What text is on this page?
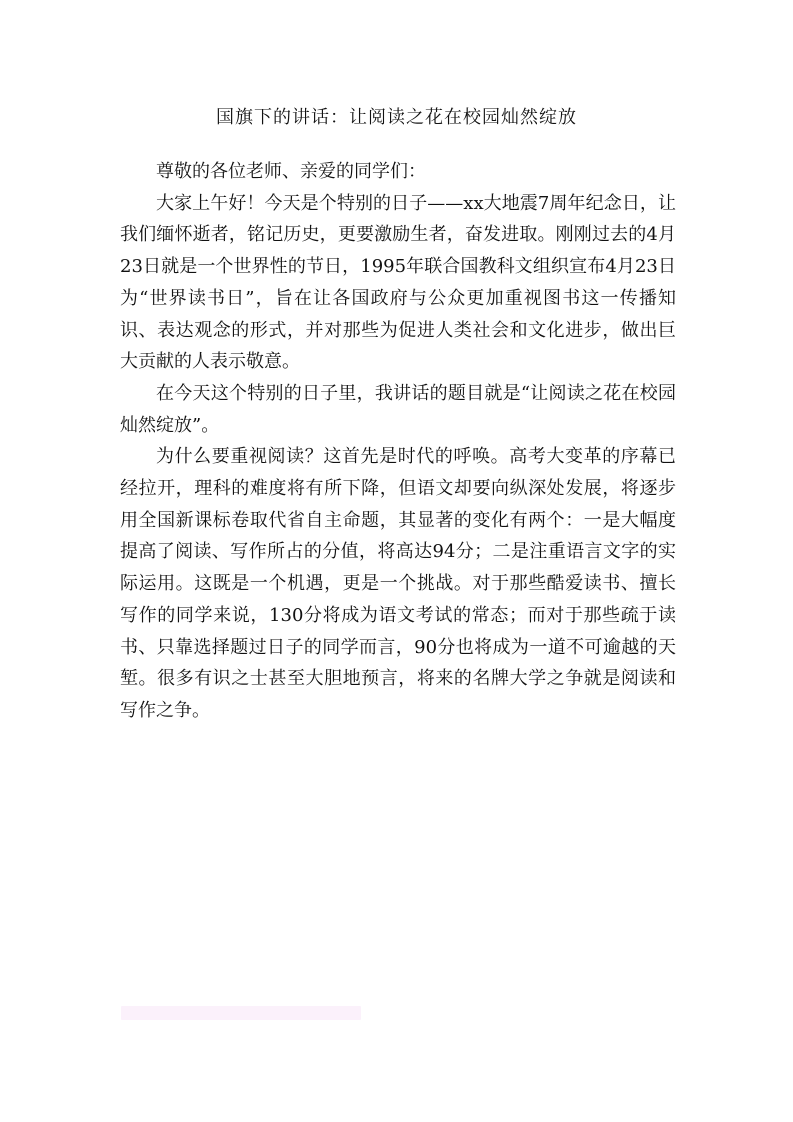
国旗下的讲话：让阅读之花在校园灿然绽放

尊敬的各位老师、亲爱的同学们：

大家上午好！今天是个特别的日子——xx大地震7周年纪念日，让我们缅怀逝者，铭记历史，更要激励生者，奋发进取。刚刚过去的4月23日就是一个世界性的节日，1995年联合国教科文组织宣布4月23日为“世界读书日”，旨在让各国政府与公众更加重视图书这一传播知识、表达观念的形式，并对那些为促进人类社会和文化进步，做出巨大贡献的人表示敬意。

在今天这个特别的日子里，我讲话的题目就是“让阅读之花在校园灿然绽放”。

为什么要重视阅读？这首先是时代的呼唤。高考大变革的序幕已经拉开，理科的难度将有所下降，但语文却要向纵深处发展，将逐步用全国新课标卷取代省自主命题，其显著的变化有两个：一是大幅度提高了阅读、写作所占的分值，将高达94分；二是注重语言文字的实际运用。这既是一个机遇，更是一个挑战。对于那些酷爱读书、擅长写作的同学来说，130分将成为语文考试的常态；而对于那些疏于读书、只靠选择题过日子的同学而言，90分也将成为一道不可逾越的天堑。很多有识之士甚至大胆地预言，将来的名牌大学之争就是阅读和写作之争。
